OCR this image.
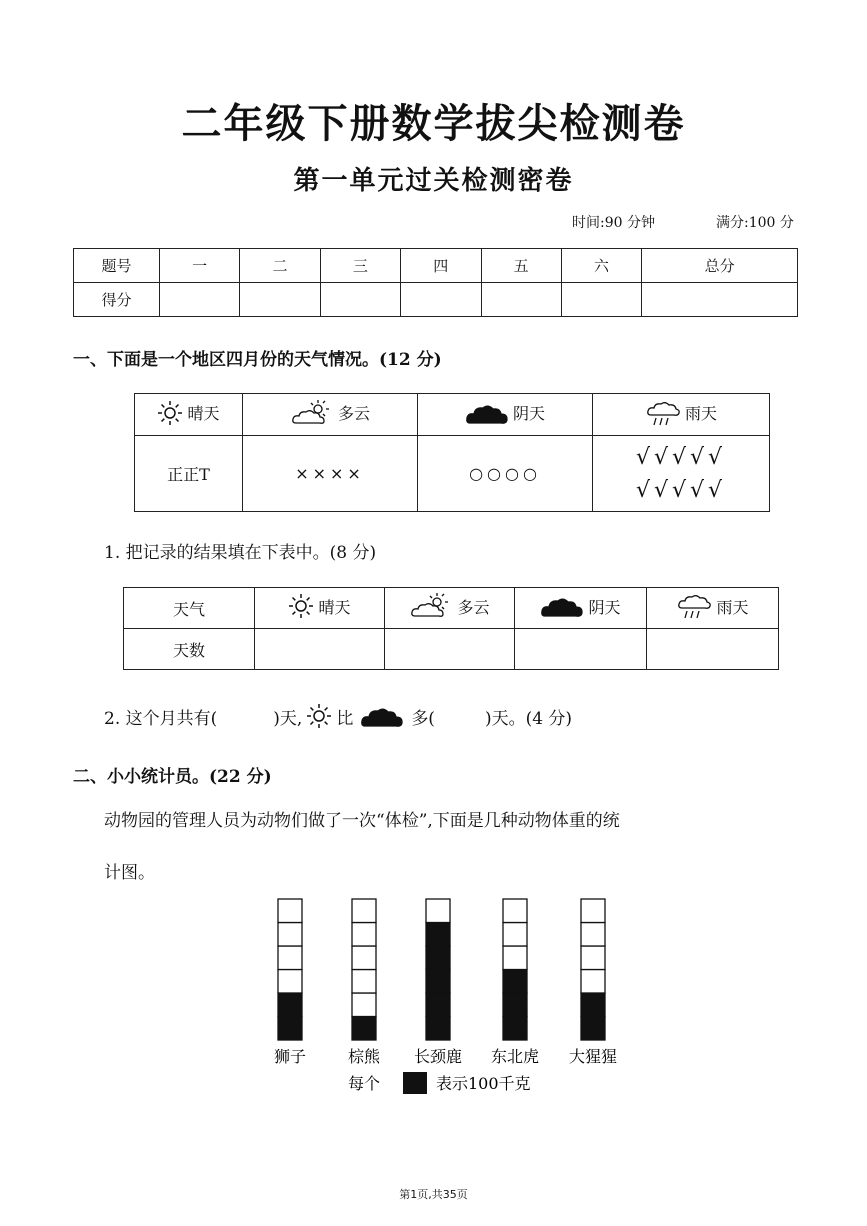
二年级下册数学拔尖检测卷
第一单元过关检测密卷
时间:90 分钟	满分:100 分
题号	一	二	三	四	五	六	总分
得分							
一、下面是一个地区四月份的天气情况。(12 分)
晴天	多云	阴天	雨天

正正T	××××	○○○○	√√√√√
√√√√√
1. 把记录的结果填在下表中。(8 分)
天气	晴天	多云	阴天	雨天

天数				
2. 这个月共有(	)天, 比	多(	)天。(4 分)
二、小小统计员。(22 分)
动物园的管理人员为动物们做了一次“体检”,下面是几种动物体重的统
计图。
狮子	棕熊 长颈鹿 东北虎 大猩猩
每个	表示100千克
第1页,共35页
